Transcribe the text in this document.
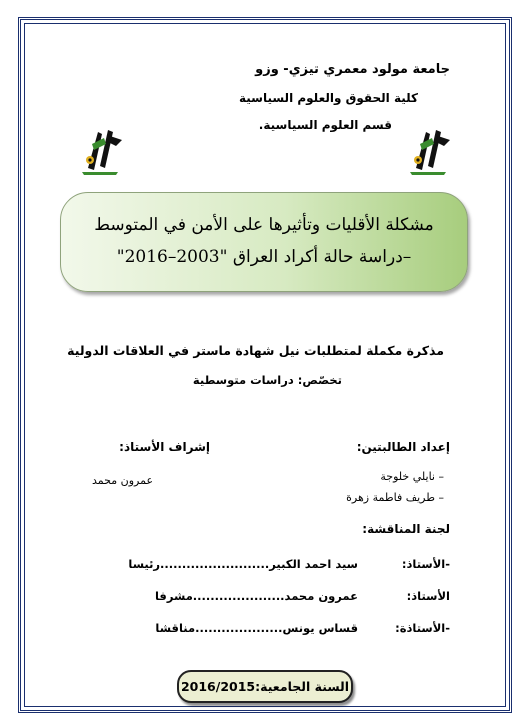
جامعة مولود معمري تيزي- وزو
كلية الحقوق والعلوم السياسية
قسم العلوم السياسية.
مشكلة الأقليات وتأثيرها على الأمن في المتوسط
–دراسة حالة أكراد العراق "2003–2016"
مذكرة مكملة لمتطلبات نيل شهادة ماستر في العلاقات الدولية
تخصّص: دراسات متوسطية
إعداد الطالبتين:
إشراف الأستاذ:
– نايلي خلوجة
– طريف فاطمة زهرة
عمرون محمد
لجنة المناقشة:
-الأستاذ:
سيد احمد الكبير.........................رئيسا
الأستاذ:
عمرون محمد.....................مشرفا
-الأستاذة:
قساس يونس....................مناقشا
السنة الجامعية:2016/2015
